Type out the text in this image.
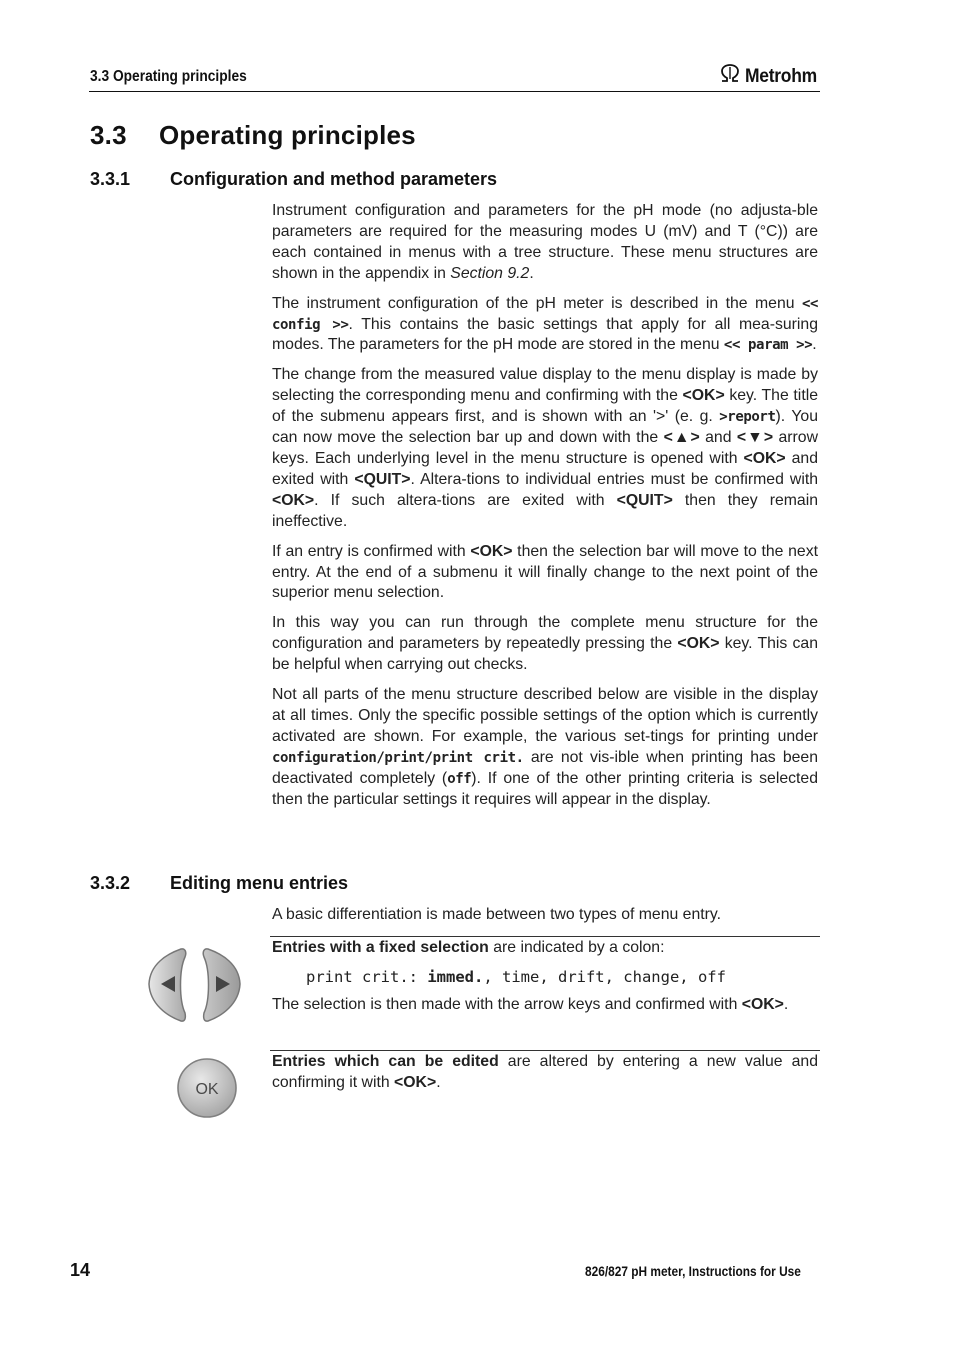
3.3 Operating principles	Metrohm
3.3 Operating principles
3.3.1 Configuration and method parameters

Instrument configuration and parameters for the pH mode (no adjusta-ble parameters are required for the measuring modes U (mV) and T (°C)) are each contained in menus with a tree structure. These menu structures are shown in the appendix in Section 9.2.

The instrument configuration of the pH meter is described in the menu << config >>. This contains the basic settings that apply for all mea-suring modes. The parameters for the pH mode are stored in the menu << param >>.

The change from the measured value display to the menu display is made by selecting the corresponding menu and confirming with the <OK> key. The title of the submenu appears first, and is shown with an '>' (e. g. >report). You can now move the selection bar up and down with the <▲> and <▼> arrow keys. Each underlying level in the menu structure is opened with <OK> and exited with <QUIT>. Altera-tions to individual entries must be confirmed with <OK>. If such altera-tions are exited with <QUIT> then they remain ineffective.

If an entry is confirmed with <OK> then the selection bar will move to the next entry. At the end of a submenu it will finally change to the next point of the superior menu selection.

In this way you can run through the complete menu structure for the configuration and parameters by repeatedly pressing the <OK> key. This can be helpful when carrying out checks.

Not all parts of the menu structure described below are visible in the display at all times. Only the specific possible settings of the option which is currently activated are shown. For example, the various set-tings for printing under configuration/print/print crit. are not vis-ible when printing has been deactivated completely (off). If one of the other printing criteria is selected then the particular settings it requires will appear in the display.

3.3.2 Editing menu entries

A basic differentiation is made between two types of menu entry.

Entries with a fixed selection are indicated by a colon:

print crit.: immed., time, drift, change, off

The selection is then made with the arrow keys and confirmed with <OK>.

Entries which can be edited are altered by entering a new value and confirming it with <OK>.

OK
14	826/827 pH meter, Instructions for Use
